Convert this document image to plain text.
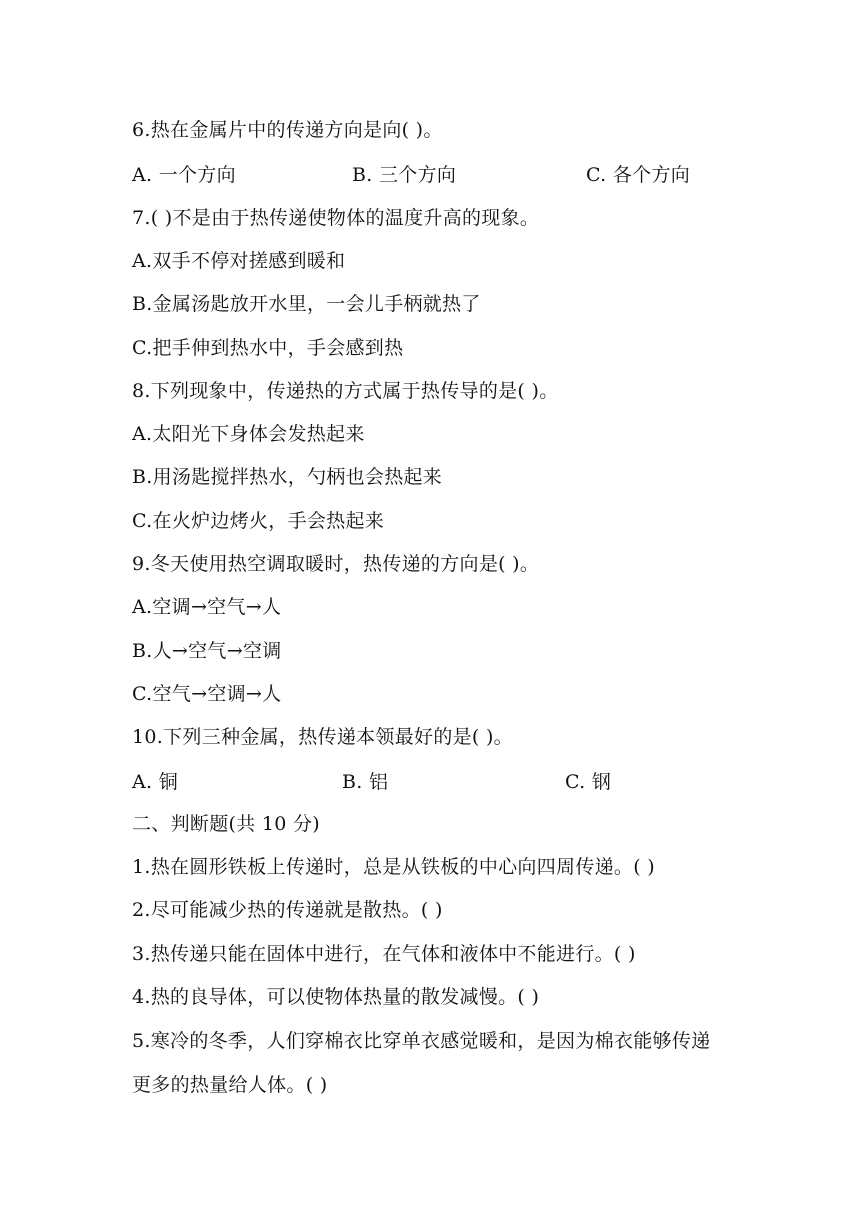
6.热在金属片中的传递方向是向( )。
A. 一个方向	B. 三个方向	C. 各个方向
7.( )不是由于热传递使物体的温度升高的现象。
A.双手不停对搓感到暖和
B.金属汤匙放开水里，一会儿手柄就热了
C.把手伸到热水中，手会感到热
8.下列现象中，传递热的方式属于热传导的是( )。
A.太阳光下身体会发热起来
B.用汤匙搅拌热水，勺柄也会热起来
C.在火炉边烤火，手会热起来
9.冬天使用热空调取暖时，热传递的方向是( )。
A.空调→空气→人
B.人→空气→空调
C.空气→空调→人
10.下列三种金属，热传递本领最好的是( )。
A. 铜	B. 铝	C. 钢
二、判断题(共 10 分)
1.热在圆形铁板上传递时，总是从铁板的中心向四周传递。( )
2.尽可能减少热的传递就是散热。( )
3.热传递只能在固体中进行，在气体和液体中不能进行。( )
4.热的良导体，可以使物体热量的散发减慢。( )
5.寒冷的冬季，人们穿棉衣比穿单衣感觉暖和，是因为棉衣能够传递
更多的热量给人体。( )
